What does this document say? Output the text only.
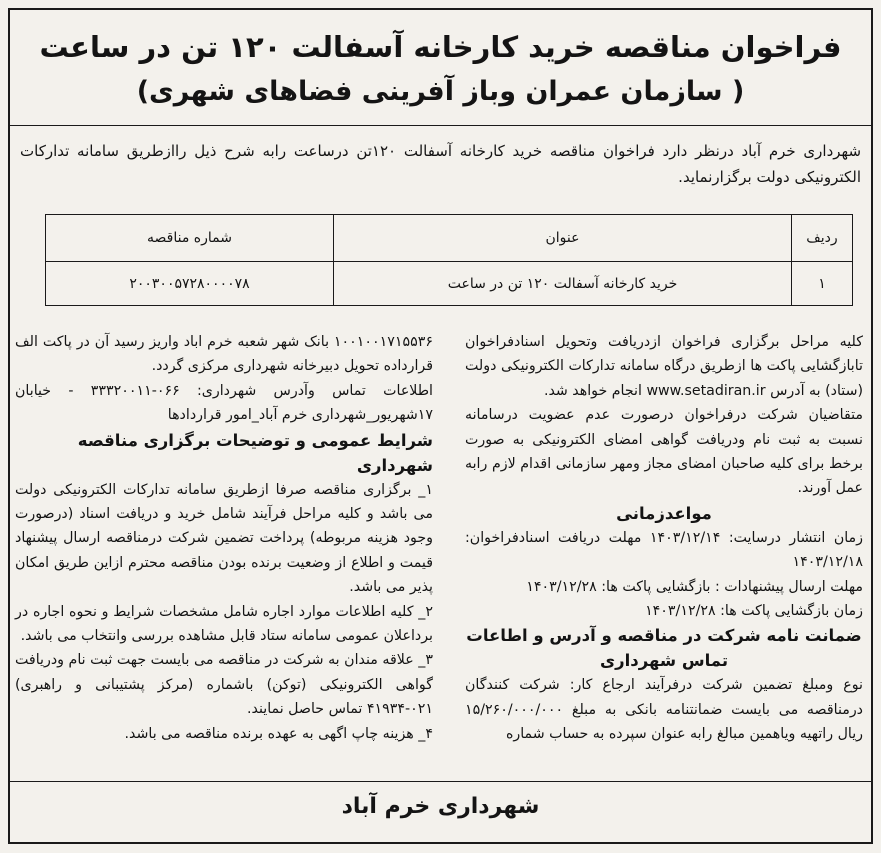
فراخوان مناقصه خرید کارخانه آسفالت ۱۲۰ تن در ساعت
( سازمان عمران وباز آفرینی فضاهای شهری)
شهرداری خرم آباد درنظر دارد فراخوان مناقصه خرید کارخانه آسفالت ۱۲۰تن درساعت رابه شرح ذیل راازطریق سامانه تدارکات الکترونیکی دولت برگزارنماید.
ردیف	عنوان	شماره مناقصه
۱	خرید کارخانه آسفالت ۱۲۰ تن در ساعت	۲۰۰۳۰۰۵۷۲۸۰۰۰۰۷۸

کلیه مراحل برگزاری فراخوان ازدریافت وتحویل اسنادفراخوان تابازگشایی پاکت ها ازطریق درگاه سامانه تدارکات الکترونیکی دولت (ستاد) به آدرس www.setadiran.ir انجام خواهد شد.

متقاضیان شرکت درفراخوان درصورت عدم عضویت درسامانه نسبت به ثبت نام ودریافت گواهی امضای الکترونیکی به صورت برخط برای کلیه صاحبان امضای مجاز ومهر سازمانی اقدام لازم رابه عمل آورند.

مواعدزمانی

زمان انتشار درسایت: ۱۴۰۳/۱۲/۱۴ مهلت دریافت اسنادفراخوان: ۱۴۰۳/۱۲/۱۸

مهلت ارسال پیشنهادات : بازگشایی پاکت ها: ۱۴۰۳/۱۲/۲۸

زمان بازگشایی پاکت ها: ۱۴۰۳/۱۲/۲۸

ضمانت نامه شرکت در مناقصه و آدرس و اطاعات تماس شهرداری

نوع ومبلغ تضمین شرکت درفرآیند ارجاع کار: شرکت کنندگان درمناقصه می بایست ضمانتنامه بانکی به مبلغ ۱۵/۲۶۰/۰۰۰/۰۰۰ ریال راتهیه ویاهمین مبالغ رابه عنوان سپرده به حساب شماره

۱۰۰۱۰۰۱۷۱۵۵۳۶ بانک شهر شعبه خرم اباد واریز رسید آن در پاکت الف قرارداده تحویل دبیرخانه شهرداری مرکزی گردد.

اطلاعات تماس وآدرس شهرداری: ۰۶۶-۳۳۳۲۰۰۱۱ - خیابان ۱۷شهریور_شهرداری خرم آباد_امور قراردادها

شرایط عمومی و توضیحات برگزاری مناقصه شهرداری

۱_ برگزاری مناقصه صرفا ازطریق سامانه تدارکات الکترونیکی دولت می باشد و کلیه مراحل فرآیند شامل خرید و دریافت اسناد (درصورت وجود هزینه مربوطه) پرداخت تضمین شرکت درمناقصه ارسال پیشنهاد قیمت و اطلاع از وضعیت برنده بودن مناقصه محترم ازاین طریق امکان پذیر می باشد.

۲_ کلیه اطلاعات موارد اجاره شامل مشخصات شرایط و نحوه اجاره در برداعلان عمومی سامانه ستاد قابل مشاهده بررسی وانتخاب می باشد.

۳_ علاقه مندان به شرکت در مناقصه می بایست جهت ثبت نام ودریافت گواهی الکترونیکی (توکن) باشماره (مرکز پشتیبانی و راهبری) ۰۲۱-۴۱۹۳۴ تماس حاصل نمایند.

۴_ هزینه چاپ اگهی به عهده برنده مناقصه می باشد.

شهرداری خرم آباد
